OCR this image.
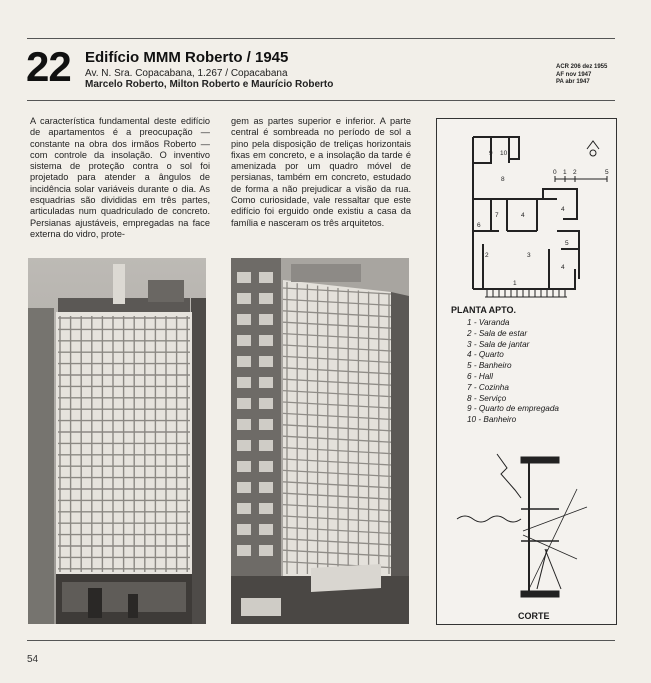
22 Edifício MMM Roberto / 1945
Av. N. Sra. Copacabana, 1.267 / Copacabana
Marcelo Roberto, Milton Roberto e Maurício Roberto
ACR 206 dez 1955
AF nov 1947
PA abr 1947
A característica fundamental deste edifício de apartamentos é a preocupação — constante na obra dos irmãos Roberto — com controle da insolação. O inventivo sistema de proteção contra o sol foi projetado para atender a ângulos de incidência solar variáveis durante o dia. As esquadrias são divididas em três partes, articuladas num quadriculado de concreto. Persianas ajustáveis, empregadas na face externa do vidro, prote-
gem as partes superior e inferior. A parte central é sombreada no período de sol a pino pela disposição de treliças horizontais fixas em concreto, e a insolação da tarde é amenizada por um quadro móvel de persianas, também em concreto, estudado de forma a não prejudicar a visão da rua. Como curiosidade, vale ressaltar que este edifício foi erguido onde existiu a casa da família e nasceram os três arquitetos.
0 1 2	5
9 10
8
7	4
4
5
2	3
4
1
6
PLANTA APTO.
1 - Varanda
2 - Sala de estar
3 - Sala de jantar
4 - Quarto
5 - Banheiro
6 - Hall
7 - Cozinha
8 - Serviço
9 - Quarto de empregada
10 - Banheiro
CORTE
54
